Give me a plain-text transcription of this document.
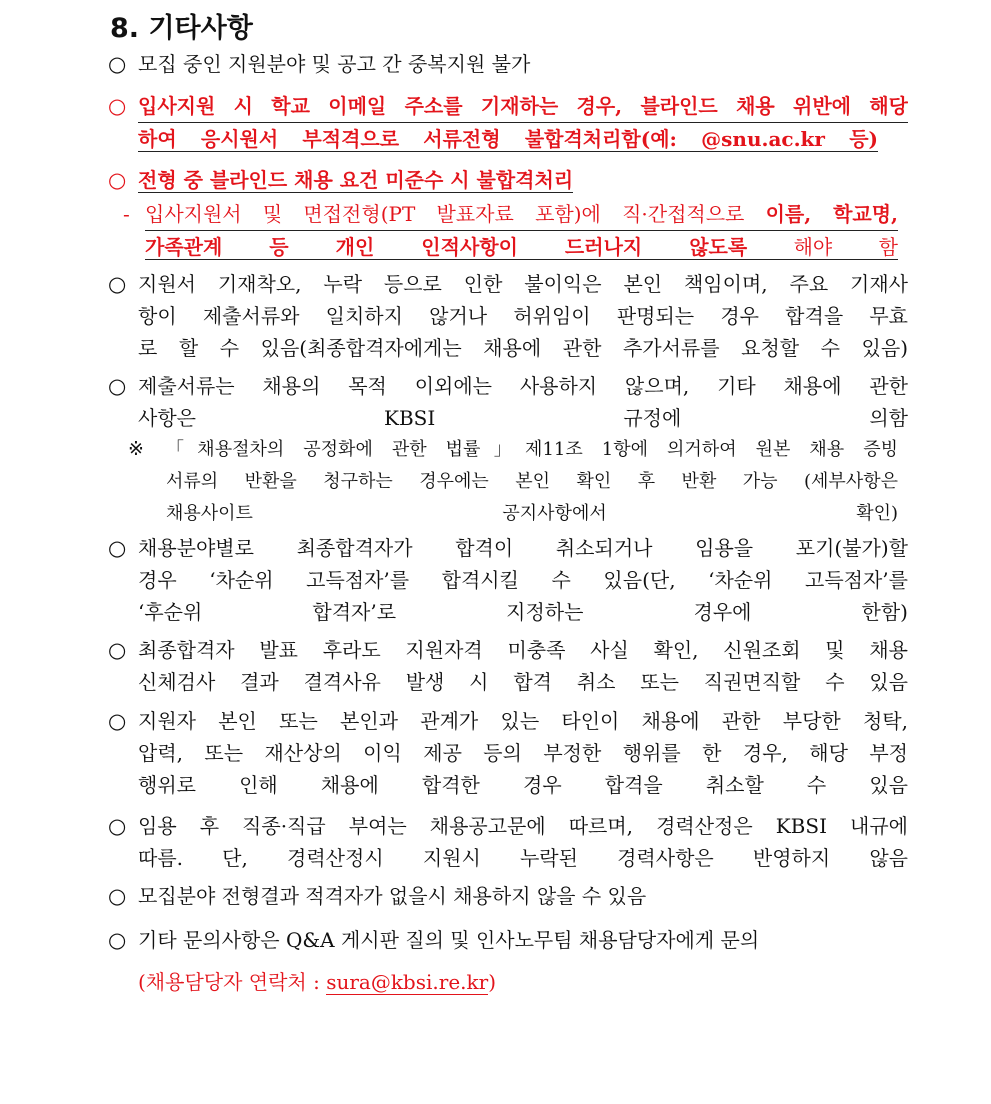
8. 기타사항
○ 모집 중인 지원분야 및 공고 간 중복지원 불가
○ 입사지원 시 학교 이메일 주소를 기재하는 경우, 블라인드 채용 위반에 해당
하여 응시원서 부적격으로 서류전형 불합격처리함(예: @snu.ac.kr 등)
○ 전형 중 블라인드 채용 요건 미준수 시 불합격처리
- 입사지원서 및 면접전형(PT 발표자료 포함)에 직·간접적으로 이름, 학교명,
가족관계 등 개인 인적사항이 드러나지 않도록 해야 함
○ 지원서 기재착오, 누락 등으로 인한 불이익은 본인 책임이며, 주요 기재사
항이 제출서류와 일치하지 않거나 허위임이 판명되는 경우 합격을 무효
로 할 수 있음(최종합격자에게는 채용에 관한 추가서류를 요청할 수 있음)
○ 제출서류는 채용의 목적 이외에는 사용하지 않으며, 기타 채용에 관한
사항은 KBSI 규정에 의함
※ 「채용절차의 공정화에 관한 법률」제11조 1항에 의거하여 원본 채용 증빙
서류의 반환을 청구하는 경우에는 본인 확인 후 반환 가능 (세부사항은
채용사이트 공지사항에서 확인)
○ 채용분야별로 최종합격자가 합격이 취소되거나 임용을 포기(불가)할
경우 ‘차순위 고득점자’를 합격시킬 수 있음(단, ‘차순위 고득점자’를
‘후순위 합격자’로 지정하는 경우에 한함)
○ 최종합격자 발표 후라도 지원자격 미충족 사실 확인, 신원조회 및 채용
신체검사 결과 결격사유 발생 시 합격 취소 또는 직권면직할 수 있음
○ 지원자 본인 또는 본인과 관계가 있는 타인이 채용에 관한 부당한 청탁,
압력, 또는 재산상의 이익 제공 등의 부정한 행위를 한 경우, 해당 부정
행위로 인해 채용에 합격한 경우 합격을 취소할 수 있음
○ 임용 후 직종·직급 부여는 채용공고문에 따르며, 경력산정은 KBSI 내규에
따름. 단, 경력산정시 지원시 누락된 경력사항은 반영하지 않음
○ 모집분야 전형결과 적격자가 없을시 채용하지 않을 수 있음
○ 기타 문의사항은 Q&A 게시판 질의 및 인사노무팀 채용담당자에게 문의
(채용담당자 연락처 : sura@kbsi.re.kr)
